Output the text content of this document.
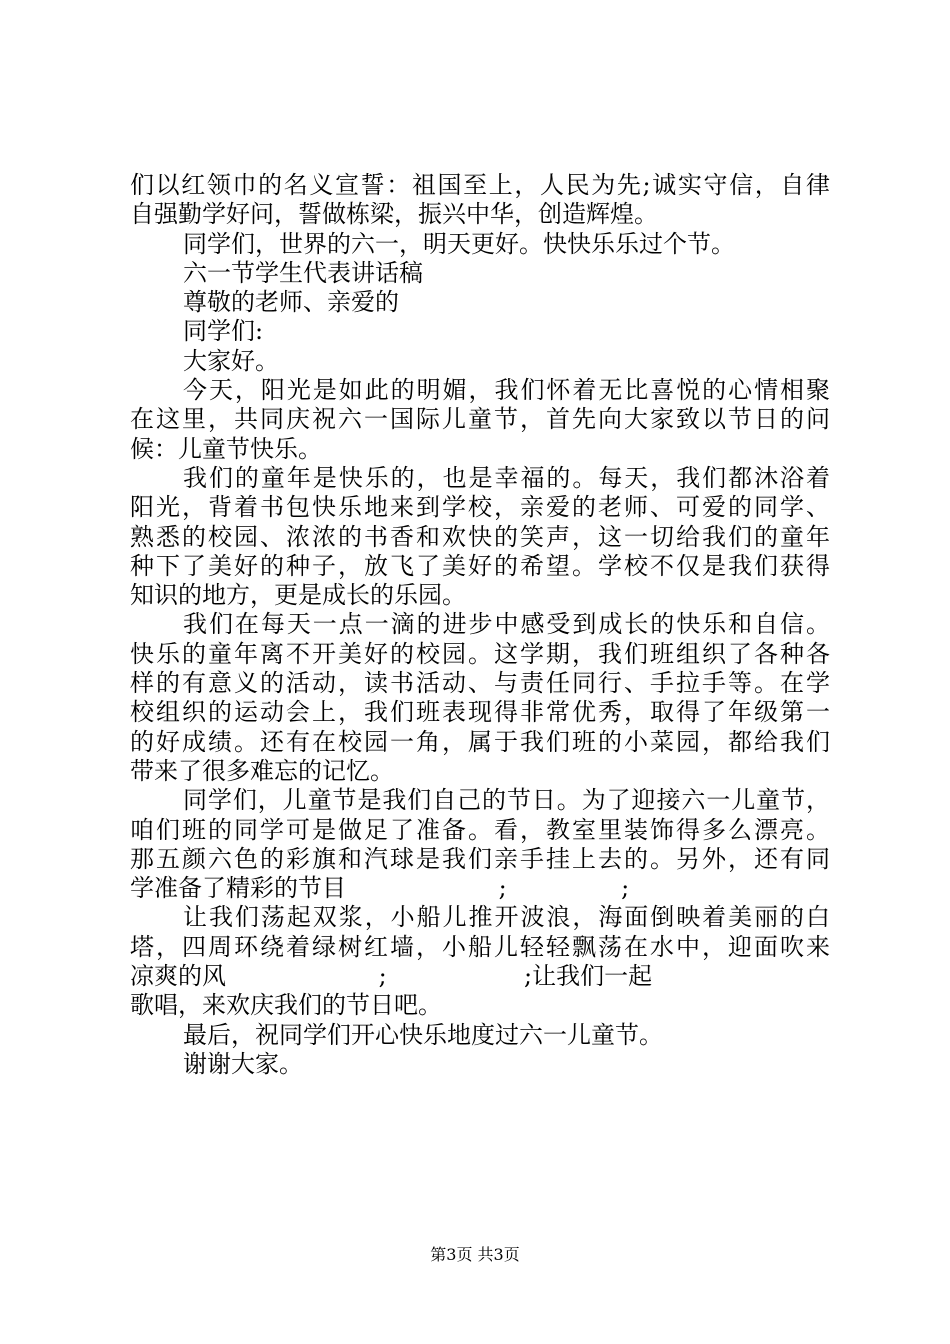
们以红领巾的名义宣誓：祖国至上，人民为先;诚实守信，自律
自强勤学好问，誓做栋梁，振兴中华，创造辉煌。
同学们，世界的六一，明天更好。快快乐乐过个节。
六一节学生代表讲话稿
尊敬的老师、亲爱的
同学们:
大家好。
今天，阳光是如此的明媚，我们怀着无比喜悦的心情相聚
在这里，共同庆祝六一国际儿童节，首先向大家致以节日的问
候：儿童节快乐。
我们的童年是快乐的，也是幸福的。每天，我们都沐浴着
阳光，背着书包快乐地来到学校，亲爱的老师、可爱的同学、
熟悉的校园、浓浓的书香和欢快的笑声，这一切给我们的童年
种下了美好的种子，放飞了美好的希望。学校不仅是我们获得
知识的地方，更是成长的乐园。
我们在每天一点一滴的进步中感受到成长的快乐和自信。
快乐的童年离不开美好的校园。这学期，我们班组织了各种各
样的有意义的活动，读书活动、与责任同行、手拉手等。在学
校组织的运动会上，我们班表现得非常优秀，取得了年级第一
的好成绩。还有在校园一角，属于我们班的小菜园，都给我们
带来了很多难忘的记忆。
同学们，儿童节是我们自己的节日。为了迎接六一儿童节，
咱们班的同学可是做足了准备。看，教室里装饰得多么漂亮。
那五颜六色的彩旗和汽球是我们亲手挂上去的。另外，还有同
学准备了精彩的节目                    ;               ;
让我们荡起双浆，小船儿推开波浪，海面倒映着美丽的白
塔，四周环绕着绿树红墙，小船儿轻轻飘荡在水中，迎面吹来
凉爽的风                    ;                  ;让我们一起
歌唱，来欢庆我们的节日吧。
最后，祝同学们开心快乐地度过六一儿童节。
谢谢大家。
第3页 共3页
